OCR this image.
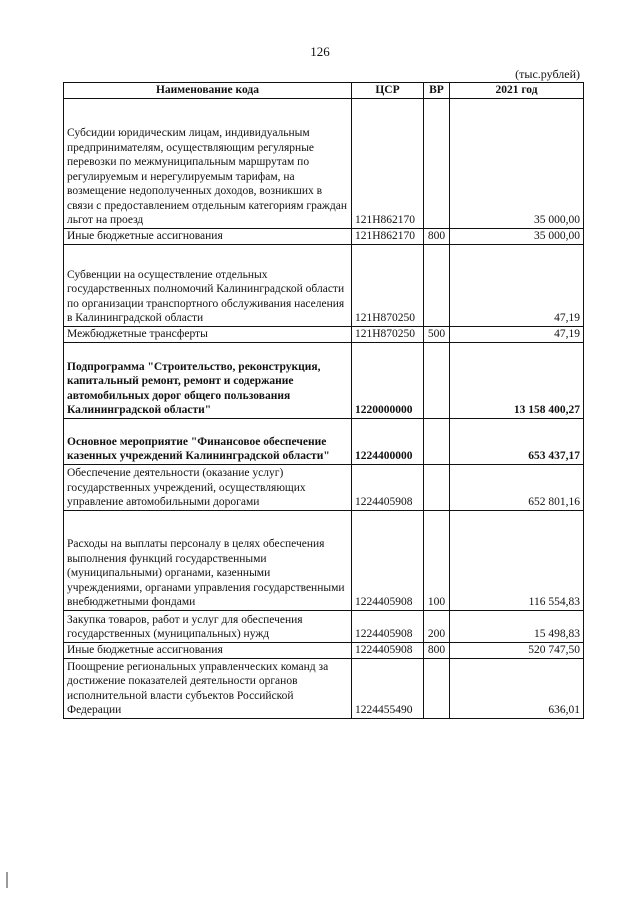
126
(тыс.рублей)
Наименование кода	ЦСР	ВР	2021 год
Субсидии юридическим лицам, индивидуальным предпринимателям, осуществляющим регулярные перевозки по межмуниципальным маршрутам по регулируемым и нерегулируемым тарифам, на возмещение недополученных доходов, возникших в связи с предоставлением отдельным категориям граждан льгот на проезд	121H862170		35 000,00
Иные бюджетные ассигнования	121H862170	800	35 000,00
Субвенции на осуществление отдельных государственных полномочий Калининградской области по организации транспортного обслуживания населения в Калининградской области	121H870250		47,19
Межбюджетные трансферты	121H870250	500	47,19
Подпрограмма "Строительство, реконструкция, капитальный ремонт, ремонт и содержание автомобильных дорог общего пользования Калининградской области"	1220000000		13 158 400,27
Основное мероприятие "Финансовое обеспечение казенных учреждений Калининградской области"	1224400000		653 437,17
Обеспечение деятельности (оказание услуг) государственных учреждений, осуществляющих управление автомобильными дорогами	1224405908		652 801,16
Расходы на выплаты персоналу в целях обеспечения выполнения функций государственными (муниципальными) органами, казенными учреждениями, органами управления государственными внебюджетными фондами	1224405908	100	116 554,83
Закупка товаров, работ и услуг для обеспечения государственных (муниципальных) нужд	1224405908	200	15 498,83
Иные бюджетные ассигнования	1224405908	800	520 747,50
Поощрение региональных управленческих команд за достижение показателей деятельности органов исполнительной власти субъектов Российской Федерации	1224455490		636,01
